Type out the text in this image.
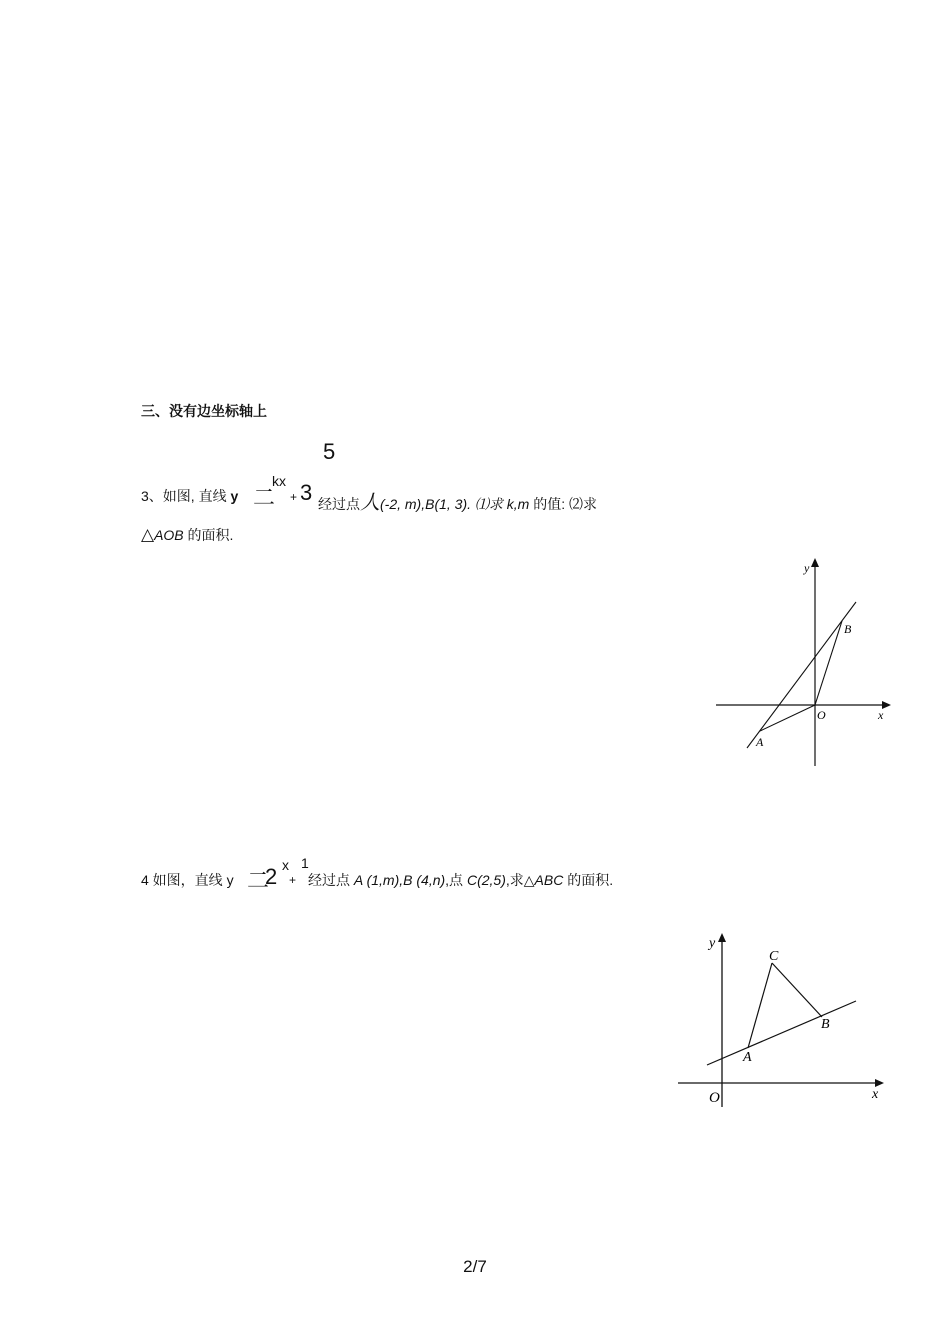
三、没有边坐标轴上
5
3、如图, 直线 y 二
kx
+ 3 经过点人(-2, m),B(1, 3). ⑴求 k,m 的值: ⑵求
△AOB 的面积.
y
x
O
A
B
4 如图，直线 y 二
2 x
+
1
经过点 A (1,m),B (4,n),点 C(2,5),求△ABC 的面积.
y
x
O
A
B
C
2/7
